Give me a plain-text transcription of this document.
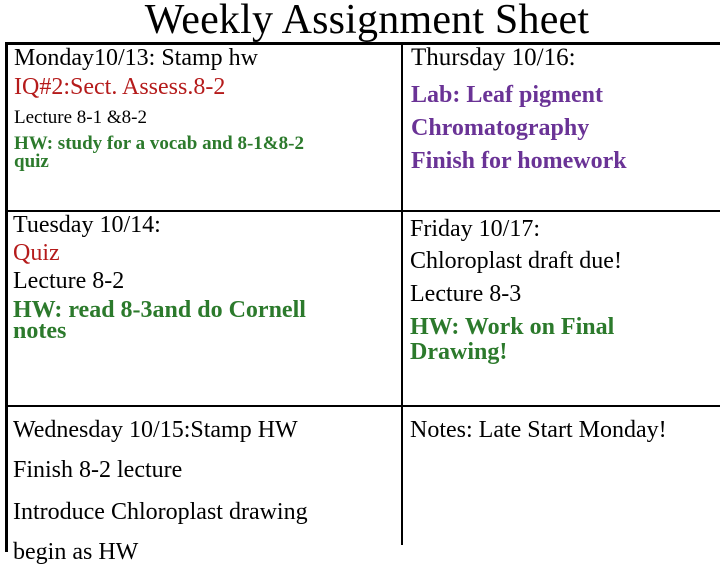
Weekly Assignment Sheet
Monday10/13: Stamp hw
IQ#2:Sect. Assess.8-2
Lecture 8-1 &8-2
HW: study for a vocab and 8-1&8-2
quiz
Thursday 10/16:
Lab: Leaf pigment
Chromatography
Finish for homework
Tuesday 10/14:
Quiz
Lecture 8-2
HW: read 8-3and do Cornell
notes
Friday 10/17:
Chloroplast draft due!
Lecture 8-3
HW: Work on Final
Drawing!
Wednesday 10/15:Stamp HW
Finish 8-2 lecture
Introduce Chloroplast drawing
begin as HW
Notes: Late Start Monday!
